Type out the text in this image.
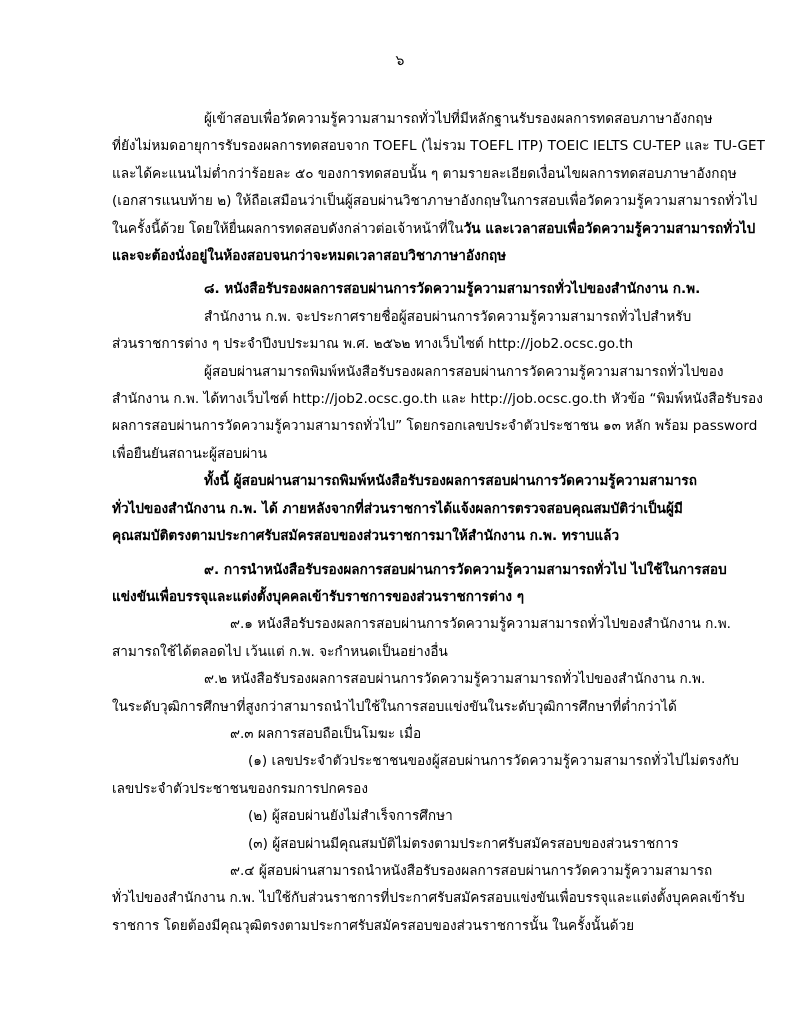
๖

ผู้เข้าสอบเพื่อวัดความรู้ความสามารถทั่วไปที่มีหลักฐานรับรองผลการทดสอบภาษาอังกฤษ

ที่ยังไม่หมดอายุการรับรองผลการทดสอบจาก TOEFL (ไม่รวม TOEFL ITP) TOEIC IELTS CU-TEP และ TU-GET

และได้คะแนนไม่ต่ำกว่าร้อยละ ๕๐ ของการทดสอบนั้น ๆ ตามรายละเอียดเงื่อนไขผลการทดสอบภาษาอังกฤษ

(เอกสารแนบท้าย ๒) ให้ถือเสมือนว่าเป็นผู้สอบผ่านวิชาภาษาอังกฤษในการสอบเพื่อวัดความรู้ความสามารถทั่วไป

ในครั้งนี้ด้วย โดยให้ยื่นผลการทดสอบดังกล่าวต่อเจ้าหน้าที่ในวัน และเวลาสอบเพื่อวัดความรู้ความสามารถทั่วไป

และจะต้องนั่งอยู่ในห้องสอบจนกว่าจะหมดเวลาสอบวิชาภาษาอังกฤษ

๘. หนังสือรับรองผลการสอบผ่านการวัดความรู้ความสามารถทั่วไปของสำนักงาน ก.พ.

สำนักงาน ก.พ. จะประกาศรายชื่อผู้สอบผ่านการวัดความรู้ความสามารถทั่วไปสำหรับ

ส่วนราชการต่าง ๆ ประจำปีงบประมาณ พ.ศ. ๒๕๖๒ ทางเว็บไซต์ http://job2.ocsc.go.th

ผู้สอบผ่านสามารถพิมพ์หนังสือรับรองผลการสอบผ่านการวัดความรู้ความสามารถทั่วไปของ

สำนักงาน ก.พ. ได้ทางเว็บไซต์ http://job2.ocsc.go.th และ http://job.ocsc.go.th หัวข้อ “พิมพ์หนังสือรับรอง

ผลการสอบผ่านการวัดความรู้ความสามารถทั่วไป” โดยกรอกเลขประจำตัวประชาชน ๑๓ หลัก พร้อม password

เพื่อยืนยันสถานะผู้สอบผ่าน

ทั้งนี้ ผู้สอบผ่านสามารถพิมพ์หนังสือรับรองผลการสอบผ่านการวัดความรู้ความสามารถ

ทั่วไปของสำนักงาน ก.พ. ได้ ภายหลังจากที่ส่วนราชการได้แจ้งผลการตรวจสอบคุณสมบัติว่าเป็นผู้มี

คุณสมบัติตรงตามประกาศรับสมัครสอบของส่วนราชการมาให้สำนักงาน ก.พ. ทราบแล้ว

๙. การนำหนังสือรับรองผลการสอบผ่านการวัดความรู้ความสามารถทั่วไป ไปใช้ในการสอบ

แข่งขันเพื่อบรรจุและแต่งตั้งบุคคลเข้ารับราชการของส่วนราชการต่าง ๆ

๙.๑ หนังสือรับรองผลการสอบผ่านการวัดความรู้ความสามารถทั่วไปของสำนักงาน ก.พ.

สามารถใช้ได้ตลอดไป เว้นแต่ ก.พ. จะกำหนดเป็นอย่างอื่น

๙.๒ หนังสือรับรองผลการสอบผ่านการวัดความรู้ความสามารถทั่วไปของสำนักงาน ก.พ.

ในระดับวุฒิการศึกษาที่สูงกว่าสามารถนำไปใช้ในการสอบแข่งขันในระดับวุฒิการศึกษาที่ต่ำกว่าได้

๙.๓ ผลการสอบถือเป็นโมฆะ เมื่อ

(๑) เลขประจำตัวประชาชนของผู้สอบผ่านการวัดความรู้ความสามารถทั่วไปไม่ตรงกับ

เลขประจำตัวประชาชนของกรมการปกครอง

(๒) ผู้สอบผ่านยังไม่สำเร็จการศึกษา

(๓) ผู้สอบผ่านมีคุณสมบัติไม่ตรงตามประกาศรับสมัครสอบของส่วนราชการ

๙.๔ ผู้สอบผ่านสามารถนำหนังสือรับรองผลการสอบผ่านการวัดความรู้ความสามารถ

ทั่วไปของสำนักงาน ก.พ. ไปใช้กับส่วนราชการที่ประกาศรับสมัครสอบแข่งขันเพื่อบรรจุและแต่งตั้งบุคคลเข้ารับ

ราชการ โดยต้องมีคุณวุฒิตรงตามประกาศรับสมัครสอบของส่วนราชการนั้น ในครั้งนั้นด้วย
